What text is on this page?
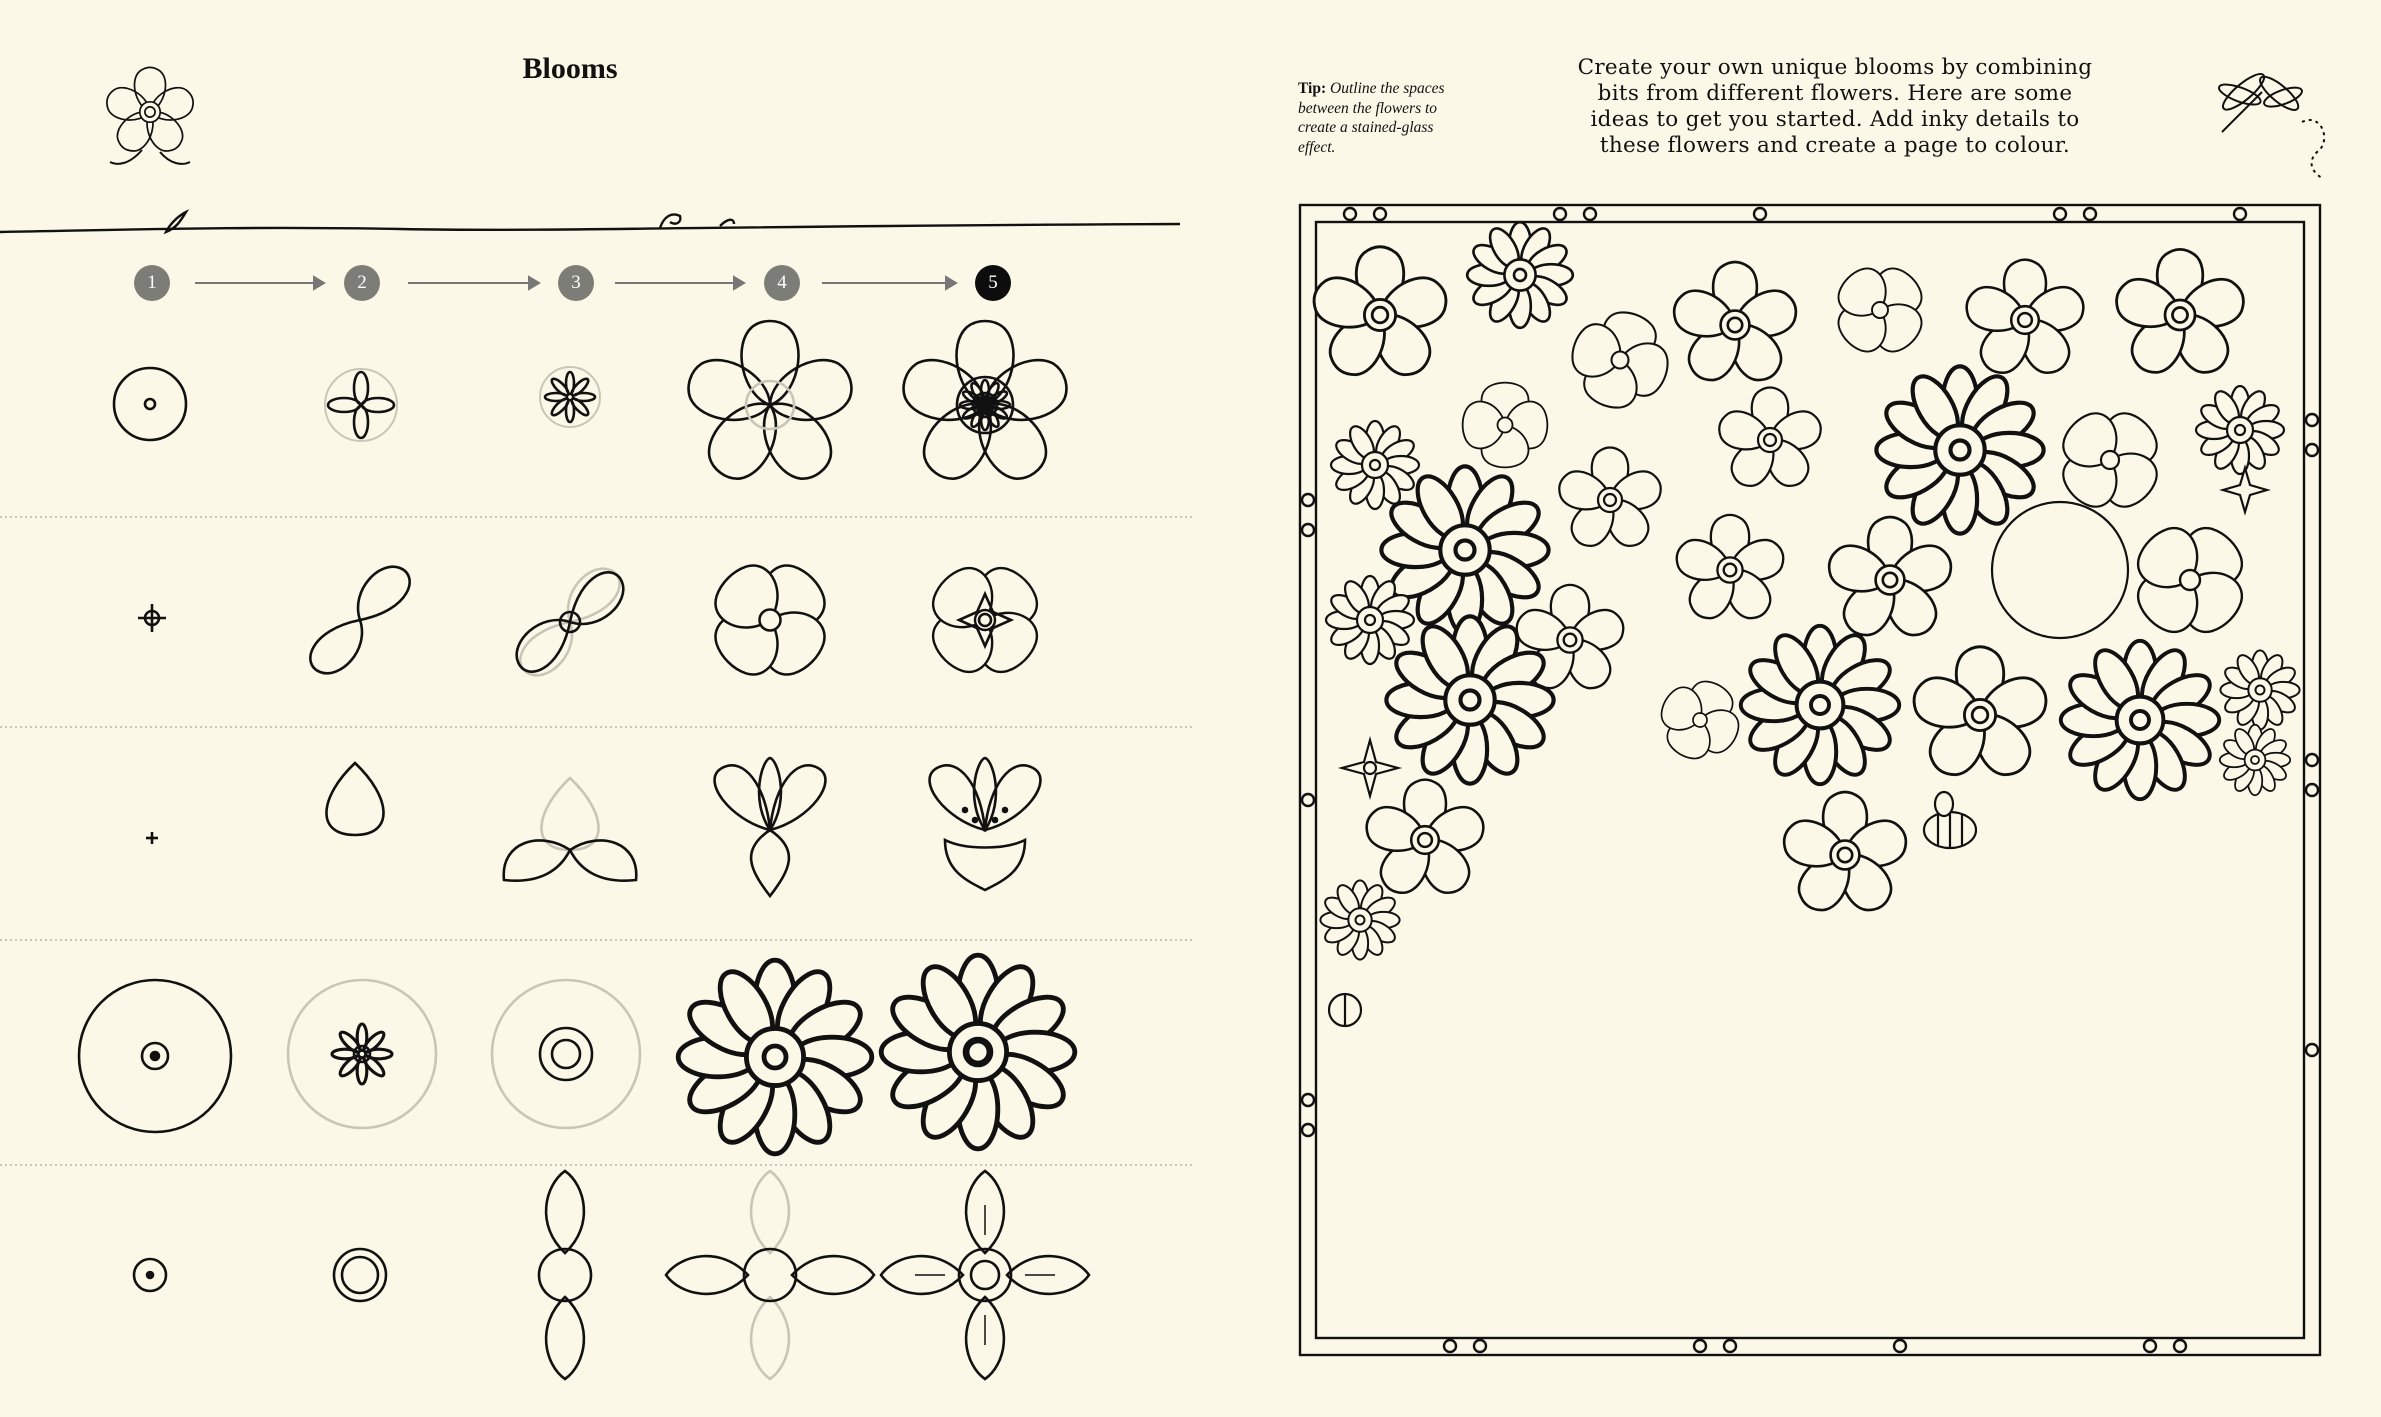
Blooms
1	2	3	4	5
Tip: Outline the spaces between the flowers to create a stained-glass effect.
Create your own unique blooms by combining
bits from different flowers. Here are some
ideas to get you started. Add inky details to
these flowers and create a page to colour.
